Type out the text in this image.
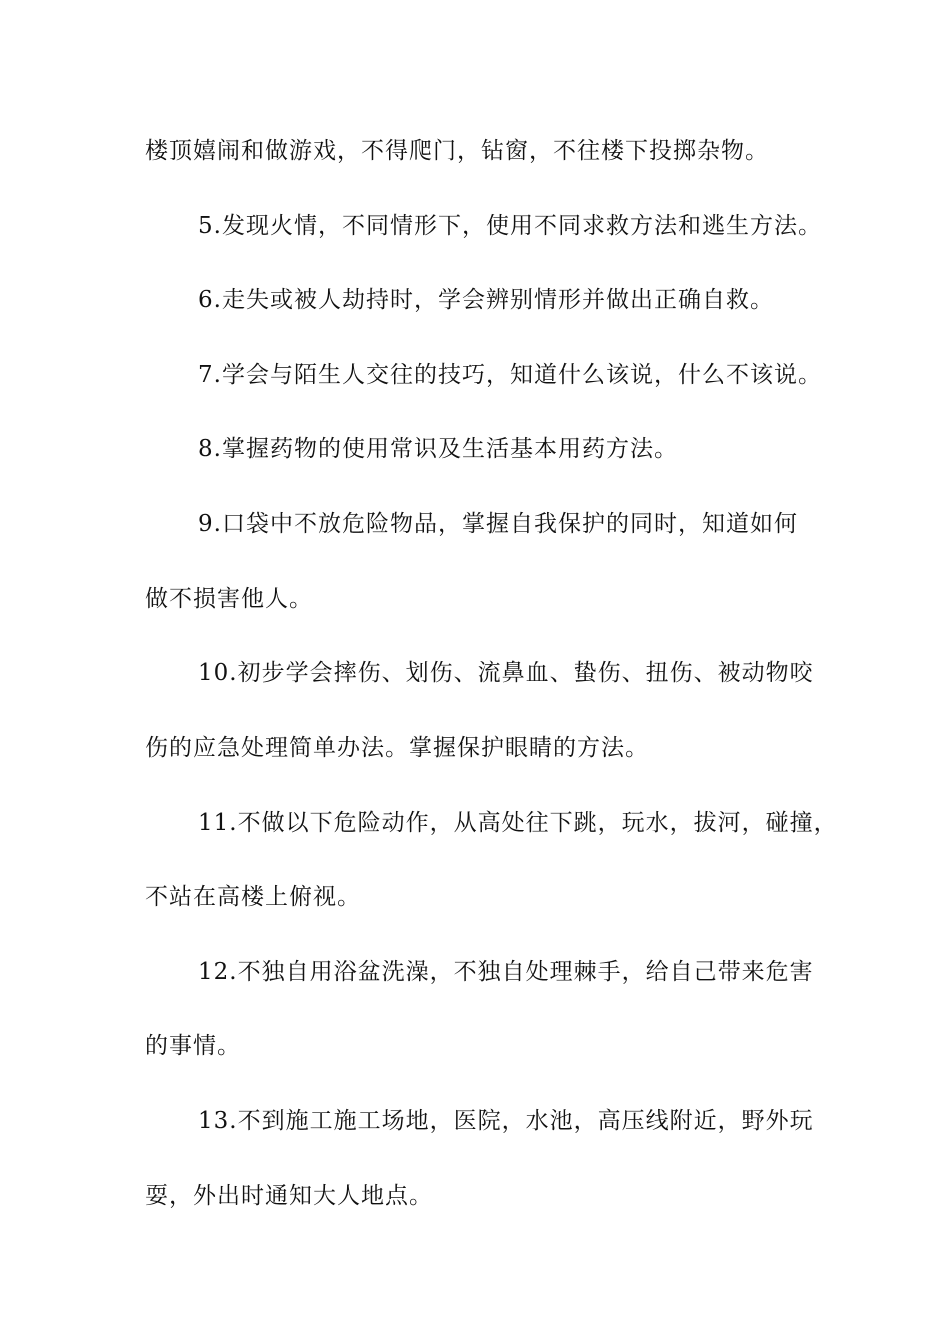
楼顶嬉闹和做游戏，不得爬门，钻窗，不往楼下投掷杂物。
5.发现火情，不同情形下，使用不同求救方法和逃生方法。
6.走失或被人劫持时，学会辨别情形并做出正确自救。
7.学会与陌生人交往的技巧，知道什么该说，什么不该说。
8.掌握药物的使用常识及生活基本用药方法。
9.口袋中不放危险物品，掌握自我保护的同时，知道如何
做不损害他人。
10.初步学会摔伤、划伤、流鼻血、蛰伤、扭伤、被动物咬
伤的应急处理简单办法。掌握保护眼睛的方法。
11.不做以下危险动作，从高处往下跳，玩水，拔河，碰撞，
不站在高楼上俯视。
12.不独自用浴盆洗澡，不独自处理棘手，给自己带来危害
的事情。
13.不到施工施工场地，医院，水池，高压线附近，野外玩
耍，外出时通知大人地点。
